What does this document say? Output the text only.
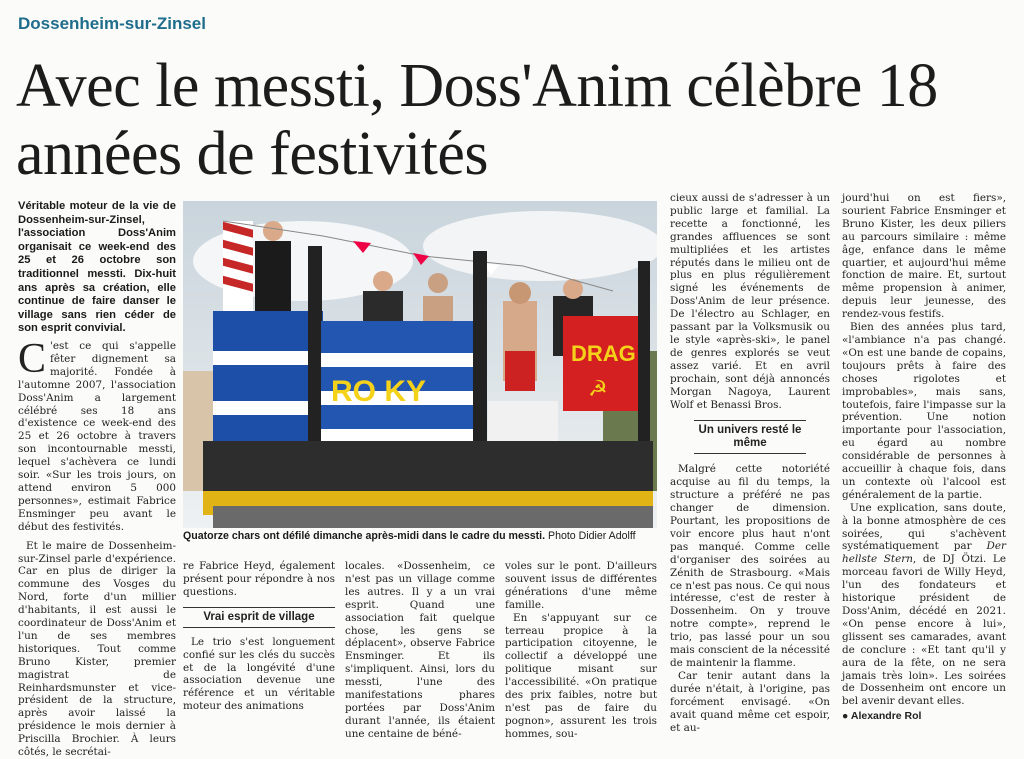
Dossenheim-sur-Zinsel
Avec le messti, Doss'Anim célèbre 18 années de festivités
Véritable moteur de la vie de Dossenheim-sur-Zinsel, l'association Doss'Anim organisait ce week-end des 25 et 26 octobre son traditionnel messti. Dix-huit ans après sa création, elle continue de faire danser le village sans rien céder de son esprit convivial.

C 'est ce qui s'appelle fêter dignement sa majorité. Fondée à l'automne 2007, l'association Doss'Anim a largement célébré ses 18 ans d'existence ce week-end des 25 et 26 octobre à travers son incontournable messti, lequel s'achèvera ce lundi soir. «Sur les trois jours, on attend environ 5 000 personnes», estimait Fabrice Ensminger peu avant le début des festivités.

Et le maire de Dossenheim-sur-Zinsel parle d'expérience. Car en plus de diriger la commune des Vosges du Nord, forte d'un millier d'habitants, il est aussi le coordinateur de Doss'Anim et l'un de ses membres historiques. Tout comme Bruno Kister, premier magistrat de Reinhardsmunster et vice-président de la structure, après avoir laissé la présidence le mois dernier à Priscilla Brochier. À leurs côtés, le secrétai-

RO KY
DRAG
☭
Quatorze chars ont défilé dimanche après-midi dans le cadre du messti. Photo Didier Adolff

re Fabrice Heyd, également présent pour répondre à nos questions.

Vrai esprit de village

Le trio s'est longuement confié sur les clés du succès et de la longévité d'une association devenue une référence et un véritable moteur des animations

locales. «Dossenheim, ce n'est pas un village comme les autres. Il y a un vrai esprit. Quand une association fait quelque chose, les gens se déplacent», observe Fabrice Ensminger. Et ils s'impliquent. Ainsi, lors du messti, l'une des manifestations phares portées par Doss'Anim durant l'année, ils étaient une centaine de béné-

voles sur le pont. D'ailleurs souvent issus de différentes générations d'une même famille.

En s'appuyant sur ce terreau propice à la participation citoyenne, le collectif a développé une politique misant sur l'accessibilité. «On pratique des prix faibles, notre but n'est pas de faire du pognon», assurent les trois hommes, sou-

cieux aussi de s'adresser à un public large et familial. La recette a fonctionné, les grandes affluences se sont multipliées et les artistes réputés dans le milieu ont de plus en plus régulièrement signé les événements de Doss'Anim de leur présence. De l'électro au Schlager, en passant par la Volksmusik ou le style «après-ski», le panel de genres explorés se veut assez varié. Et en avril prochain, sont déjà annoncés Morgan Nagoya, Laurent Wolf et Benassi Bros.

Un univers resté le même

Malgré cette notoriété acquise au fil du temps, la structure a préféré ne pas changer de dimension. Pourtant, les propositions de voir encore plus haut n'ont pas manqué. Comme celle d'organiser des soirées au Zénith de Strasbourg. «Mais ce n'est pas nous. Ce qui nous intéresse, c'est de rester à Dossenheim. On y trouve notre compte», reprend le trio, pas lassé pour un sou mais conscient de la nécessité de maintenir la flamme.

Car tenir autant dans la durée n'était, à l'origine, pas forcément envisagé. «On avait quand même cet espoir, et au-

jourd'hui on est fiers», sourient Fabrice Ensminger et Bruno Kister, les deux piliers au parcours similaire : même âge, enfance dans le même quartier, et aujourd'hui même fonction de maire. Et, surtout même propension à animer, depuis leur jeunesse, des rendez-vous festifs.

Bien des années plus tard, «l'ambiance n'a pas changé. «On est une bande de copains, toujours prêts à faire des choses rigolotes et improbables», mais sans, toutefois, faire l'impasse sur la prévention. Une notion importante pour l'association, eu égard au nombre considérable de personnes à accueillir à chaque fois, dans un contexte où l'alcool est généralement de la partie.

Une explication, sans doute, à la bonne atmosphère de ces soirées, qui s'achèvent systématiquement par Der hellste Stern, de DJ Ötzi. Le morceau favori de Willy Heyd, l'un des fondateurs et historique président de Doss'Anim, décédé en 2021. «On pense encore à lui», glissent ses camarades, avant de conclure : «Et tant qu'il y aura de la fête, on ne sera jamais très loin». Les soirées de Dossenheim ont encore un bel avenir devant elles.

● Alexandre Rol
